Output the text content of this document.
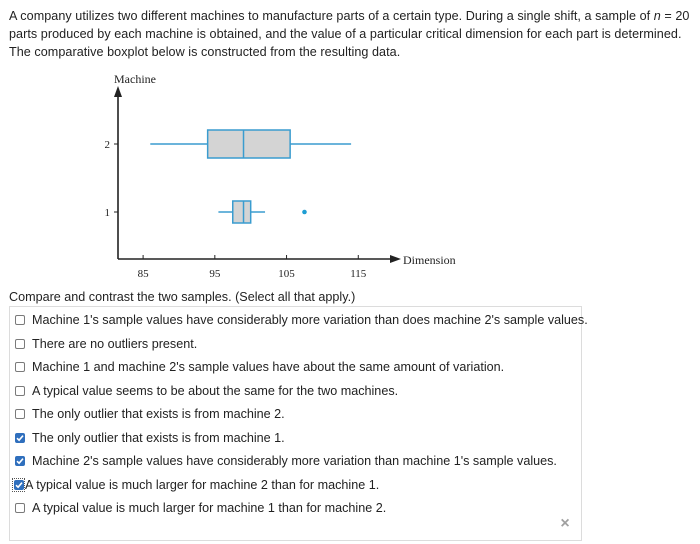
A company utilizes two different machines to manufacture parts of a certain type. During a single shift, a sample of n = 20
parts produced by each machine is obtained, and the value of a particular critical dimension for each part is determined.
The comparative boxplot below is constructed from the resulting data.
Machine
Dimension
85	95	105	115
1
2
Compare and contrast the two samples. (Select all that apply.)
×
Machine 1's sample values have considerably more variation than does machine 2's sample values.
There are no outliers present.
Machine 1 and machine 2's sample values have about the same amount of variation.
A typical value seems to be about the same for the two machines.
The only outlier that exists is from machine 2.
The only outlier that exists is from machine 1.
Machine 2's sample values have considerably more variation than machine 1's sample values.
A typical value is much larger for machine 2 than for machine 1.
A typical value is much larger for machine 1 than for machine 2.
